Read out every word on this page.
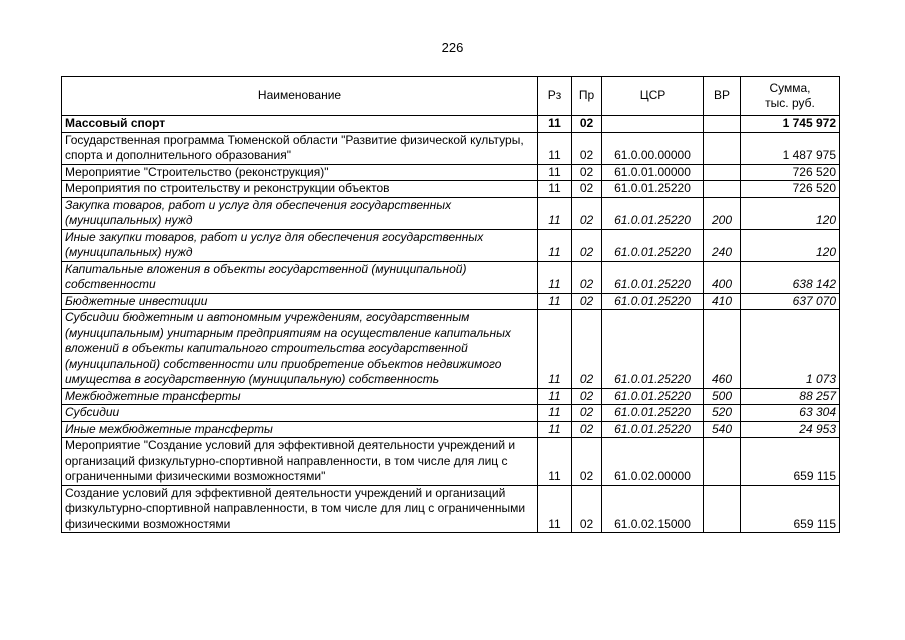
226
Наименование	Рз	Пр	ЦСР	ВР	Сумма,
тыс. руб.
Массовый спорт	11	02			1 745 972
Государственная программа Тюменской области "Развитие физической культуры, спорта и дополнительного образования"	11	02	61.0.00.00000		1 487 975
Мероприятие "Строительство (реконструкция)"	11	02	61.0.01.00000		726 520
Мероприятия по строительству и реконструкции объектов	11	02	61.0.01.25220		726 520
Закупка товаров, работ и услуг для обеспечения государственных (муниципальных) нужд	11	02	61.0.01.25220	200	120
Иные закупки товаров, работ и услуг для обеспечения государственных (муниципальных) нужд	11	02	61.0.01.25220	240	120
Капитальные вложения в объекты государственной (муниципальной) собственности	11	02	61.0.01.25220	400	638 142
Бюджетные инвестиции	11	02	61.0.01.25220	410	637 070
Субсидии бюджетным и автономным учреждениям, государственным (муниципальным) унитарным предприятиям на осуществление капитальных вложений в объекты капитального строительства государственной (муниципальной) собственности или приобретение объектов недвижимого имущества в государственную (муниципальную) собственность	11	02	61.0.01.25220	460	1 073
Межбюджетные трансферты	11	02	61.0.01.25220	500	88 257
Субсидии	11	02	61.0.01.25220	520	63 304
Иные межбюджетные трансферты	11	02	61.0.01.25220	540	24 953
Мероприятие "Создание условий для эффективной деятельности учреждений и организаций физкультурно-спортивной направленности, в том числе для лиц с ограниченными физическими возможностями"	11	02	61.0.02.00000		659 115
Создание условий для эффективной деятельности учреждений и организаций физкультурно-спортивной направленности, в том числе для лиц с ограниченными физическими возможностями	11	02	61.0.02.15000		659 115
